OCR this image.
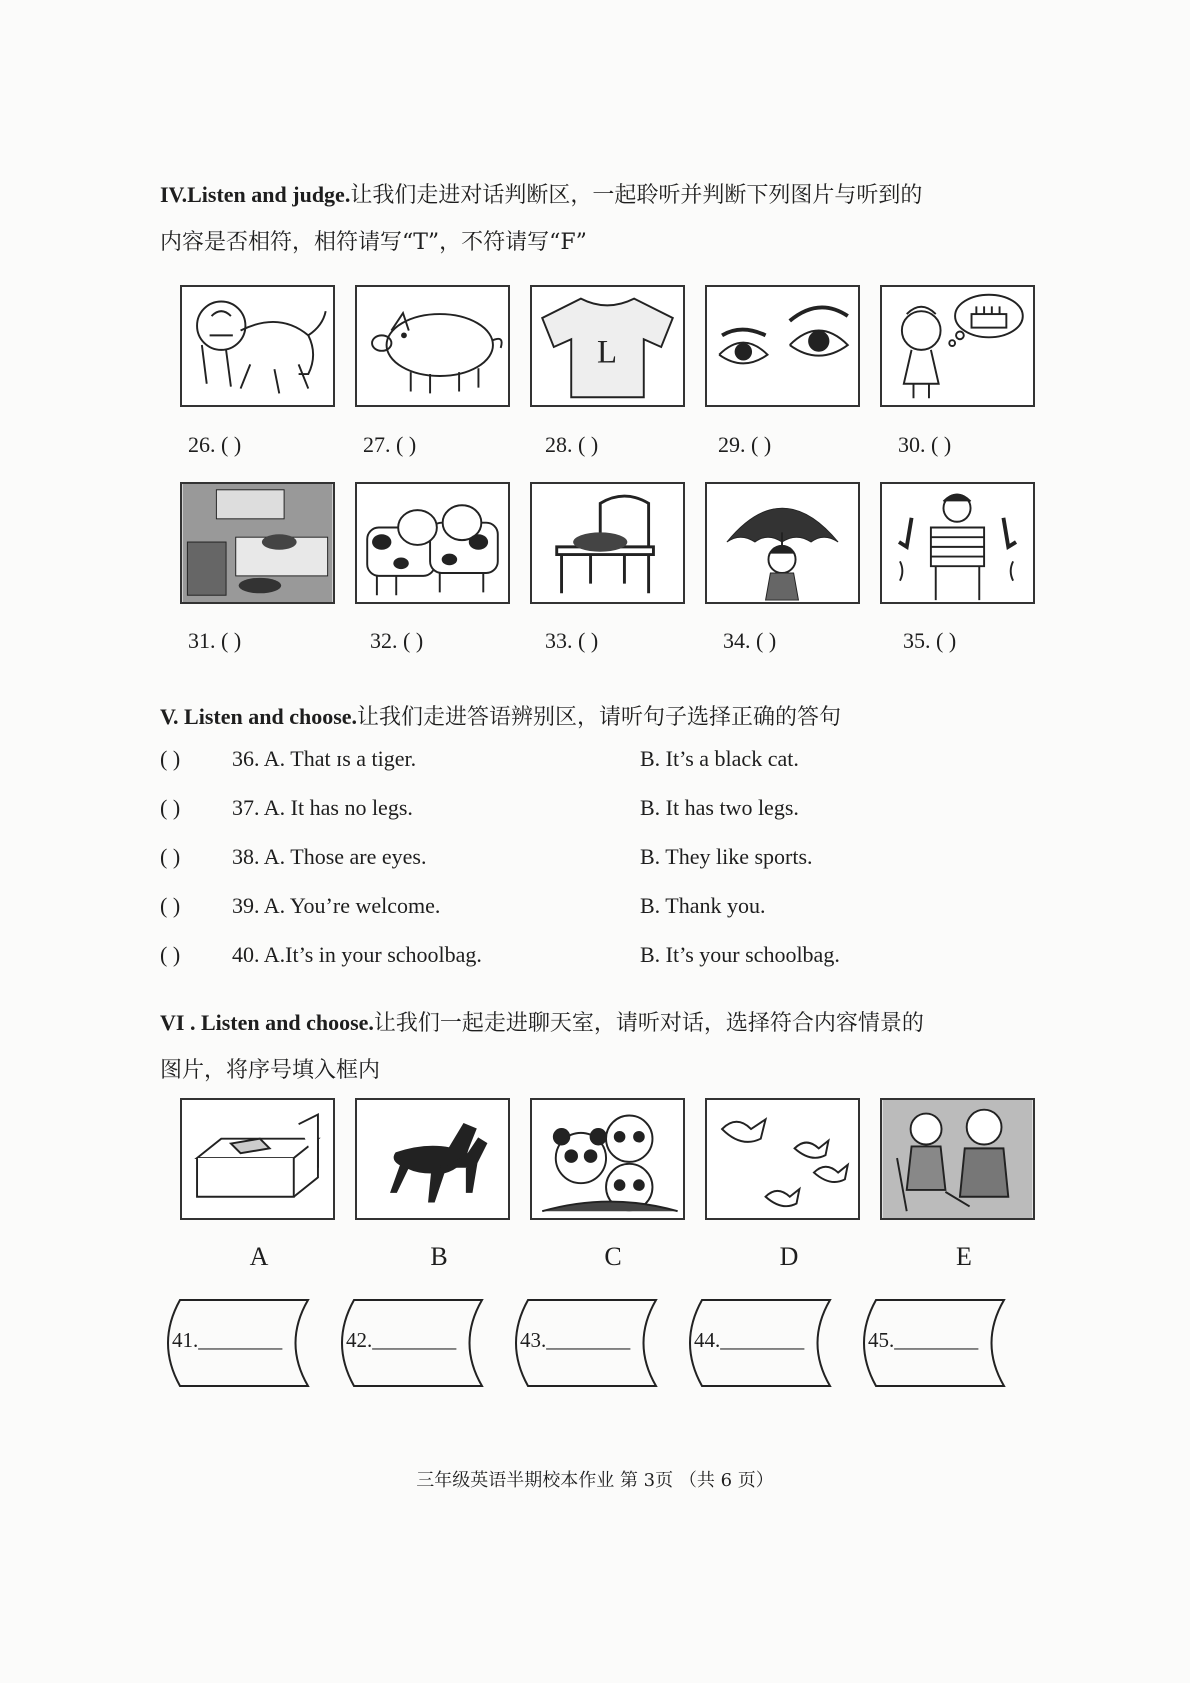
IV.Listen and judge.让我们走进对话判断区，一起聆听并判断下列图片与听到的
内容是否相符，相符请写“T”，不符请写“F”
L
26. ( )	27. ( )	28. ( )	29. ( )	30. ( )
31. ( )	32. ( )	33. ( )	34. ( )	35. ( )
V. Listen and choose.让我们走进答语辨别区，请听句子选择正确的答句
( ) 36. A. That ɪs a tiger.	B. It’s a black cat.
( ) 37. A. It has no legs.	B. It has two legs.
( ) 38. A. Those are eyes.	B. They like sports.
( ) 39. A. You’re welcome.	B. Thank you.
( ) 40. A.It’s in your schoolbag.	B. It’s your schoolbag.
VI . Listen and choose.让我们一起走进聊天室，请听对话，选择符合内容情景的
图片，将序号填入框内
A	B	C	D	E
41.________	42.________	43.________	44.________	45.________
三年级英语半期校本作业 第 3页 （共 6 页）
